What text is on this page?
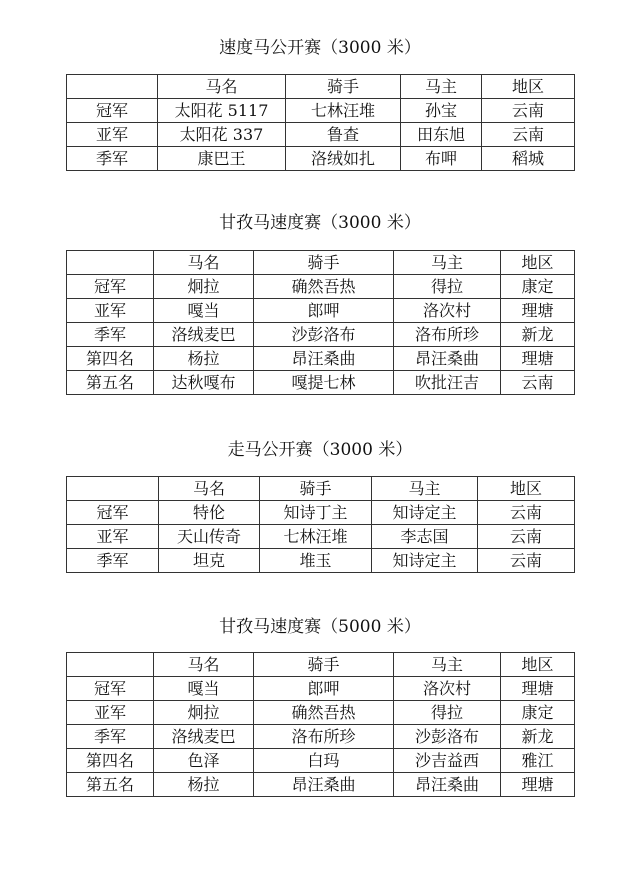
速度马公开赛（3000 米）
	马名	骑手	马主	地区
冠军	太阳花 5117	七林汪堆	孙宝	云南
亚军	太阳花 337	鲁查	田东旭	云南
季军	康巴王	洛绒如扎	布呷	稻城
甘孜马速度赛（3000 米）
	马名	骑手	马主	地区
冠军	炯拉	确然吾热	得拉	康定
亚军	嘎当	郎呷	洛次村	理塘
季军	洛绒麦巴	沙彭洛布	洛布所珍	新龙
第四名	杨拉	昂汪桑曲	昂汪桑曲	理塘
第五名	达秋嘎布	嘎提七林	吹批汪吉	云南
走马公开赛（3000 米）
	马名	骑手	马主	地区
冠军	特伦	知诗丁主	知诗定主	云南
亚军	天山传奇	七林汪堆	李志国	云南
季军	坦克	堆玉	知诗定主	云南
甘孜马速度赛（5000 米）
	马名	骑手	马主	地区
冠军	嘎当	郎呷	洛次村	理塘
亚军	炯拉	确然吾热	得拉	康定
季军	洛绒麦巴	洛布所珍	沙彭洛布	新龙
第四名	色泽	白玛	沙吉益西	雅江
第五名	杨拉	昂汪桑曲	昂汪桑曲	理塘
